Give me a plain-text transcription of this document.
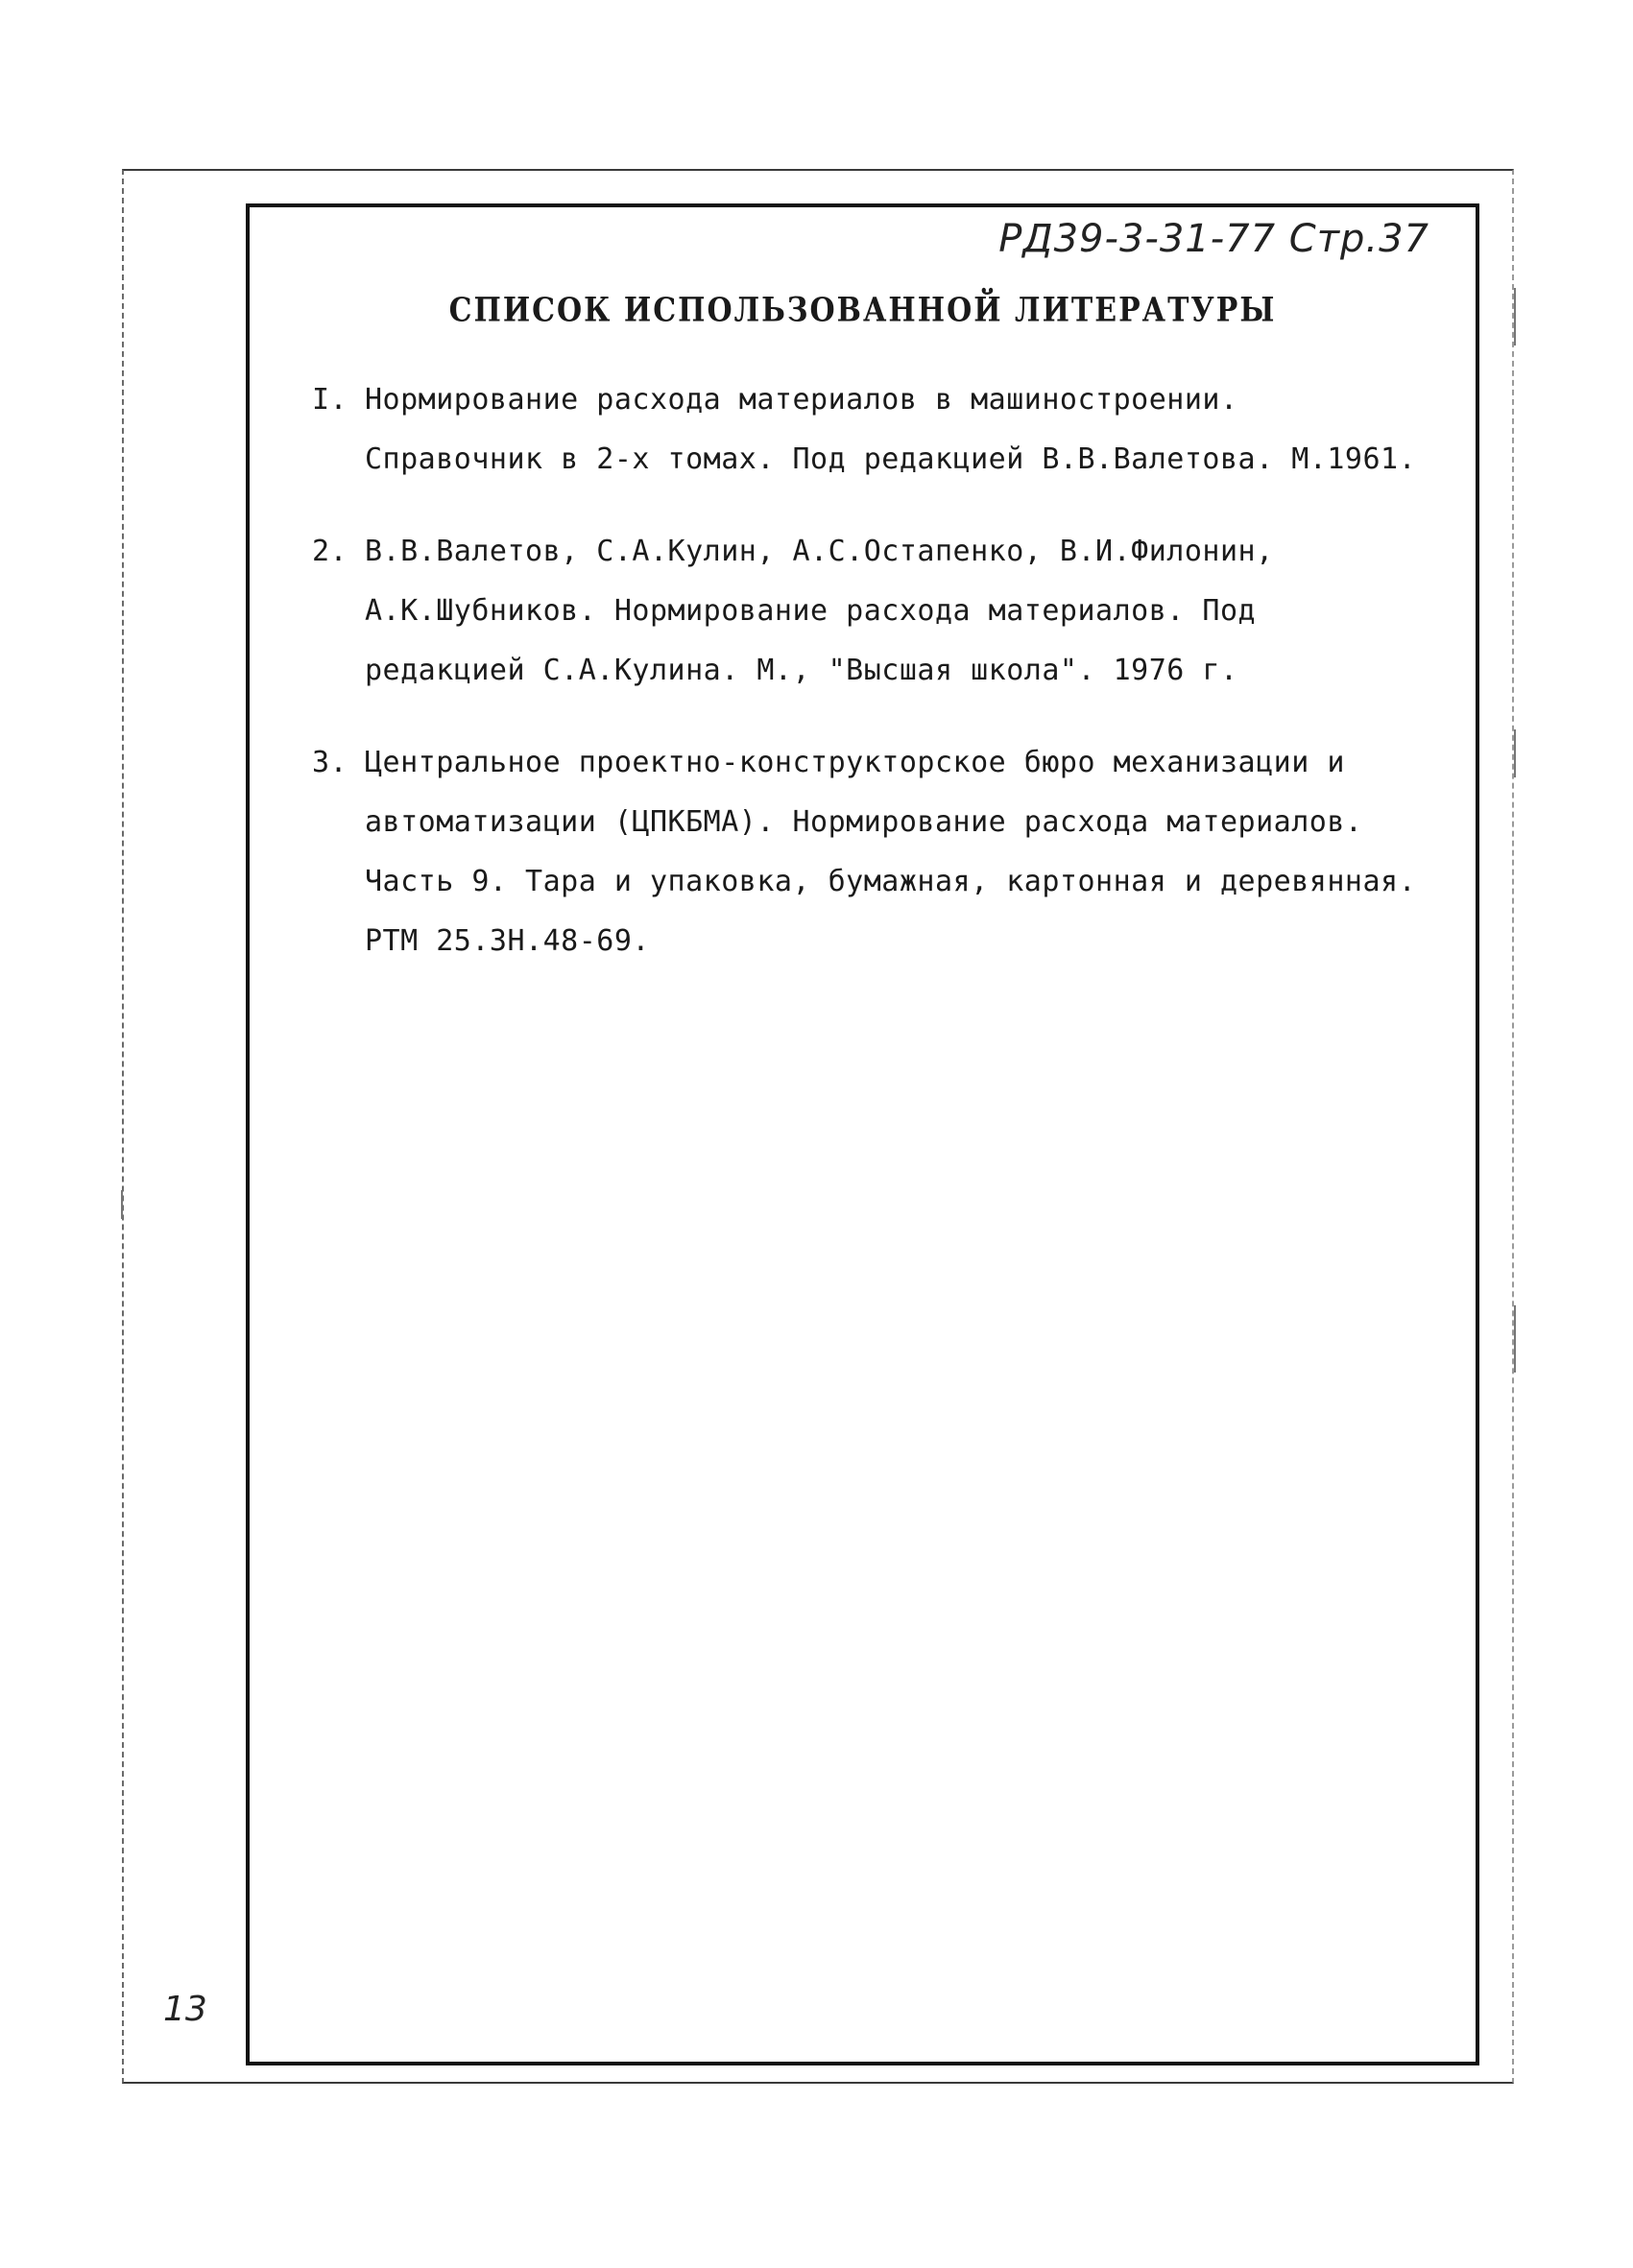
РД39-3-31-77 Стр.37
СПИСОК ИСПОЛЬЗОВАННОЙ ЛИТЕРАТУРЫ
I. Нормирование расхода материалов в машиностроении. Справочник в 2-х томах. Под редакцией В.В.Валетова. М.1961.
2. В.В.Валетов, С.А.Кулин, А.С.Остапенко, В.И.Филонин, А.К.Шубников. Нормирование расхода материалов. Под редакцией С.А.Кулина. М., "Высшая школа". 1976 г.
3. Центральное проектно-конструкторское бюро механизации и автоматизации (ЦПКБМА). Нормирование расхода материалов. Часть 9. Тара и упаковка, бумажная, картонная и деревянная. РТМ 25.3Н.48-69.
13
